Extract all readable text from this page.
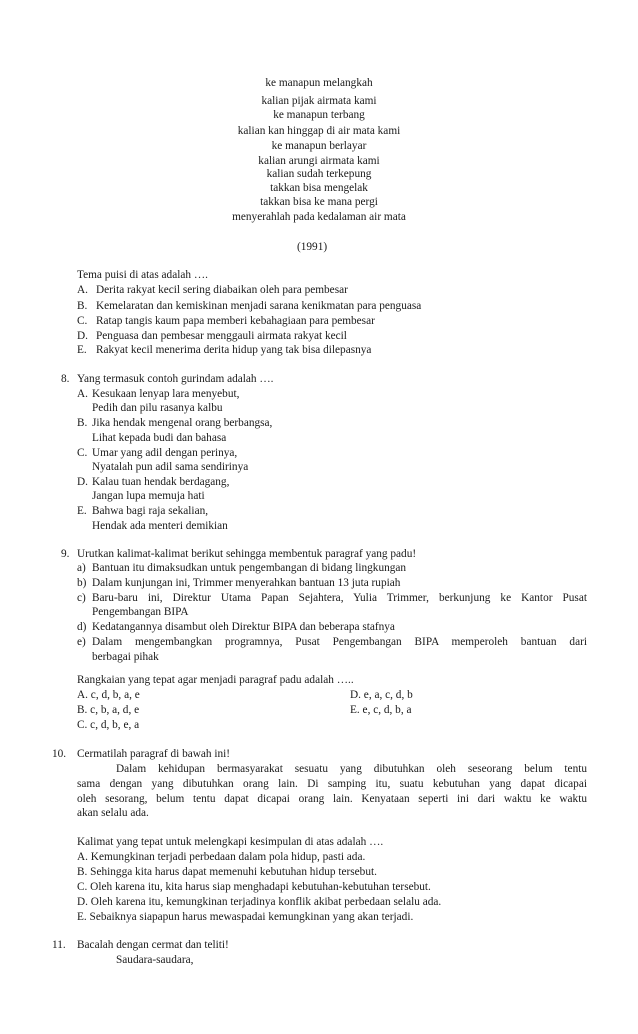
ke manapun melangkah
kalian pijak airmata kami
ke manapun terbang
kalian kan hinggap di air mata kami
ke manapun berlayar
kalian arungi airmata kami
kalian sudah terkepung
takkan bisa mengelak
takkan bisa ke mana pergi
menyerahlah pada kedalaman air mata
(1991)
Tema puisi di atas adalah ….
A. Derita rakyat kecil sering diabaikan oleh para pembesar
B. Kemelaratan dan kemiskinan menjadi sarana kenikmatan para penguasa
C. Ratap tangis kaum papa memberi kebahagiaan para pembesar
D. Penguasa dan pembesar menggauli airmata rakyat kecil
E. Rakyat kecil menerima derita hidup yang tak bisa dilepasnya
8. Yang termasuk contoh gurindam adalah ….
A. Kesukaan lenyap lara menyebut,
Pedih dan pilu rasanya kalbu
B. Jika hendak mengenal orang berbangsa,
Lihat kepada budi dan bahasa
C. Umar yang adil dengan perinya,
Nyatalah pun adil sama sendirinya
D. Kalau tuan hendak berdagang,
Jangan lupa memuja hati
E. Bahwa bagi raja sekalian,
Hendak ada menteri demikian
9. Urutkan kalimat-kalimat berikut sehingga membentuk paragraf yang padu!
a) Bantuan itu dimaksudkan untuk pengembangan di bidang lingkungan
b) Dalam kunjungan ini, Trimmer menyerahkan bantuan 13 juta rupiah
c) Baru-baru ini, Direktur Utama Papan Sejahtera, Yulia Trimmer, berkunjung ke Kantor Pusat
Pengembangan BIPA
d) Kedatangannya disambut oleh Direktur BIPA dan beberapa stafnya
e) Dalam mengembangkan programnya, Pusat Pengembangan BIPA memperoleh bantuan dari
berbagai pihak
Rangkaian yang tepat agar menjadi paragraf padu adalah …..
A. c, d, b, a, e	D. e, a, c, d, b
B. c, b, a, d, e	E. e, c, d, b, a
C. c, d, b, e, a
10. Cermatilah paragraf di bawah ini!
Dalam kehidupan bermasyarakat sesuatu yang dibutuhkan oleh seseorang belum tentu
sama dengan yang dibutuhkan orang lain. Di samping itu, suatu kebutuhan yang dapat dicapai
oleh sesorang, belum tentu dapat dicapai orang lain. Kenyataan seperti ini dari waktu ke waktu
akan selalu ada.
Kalimat yang tepat untuk melengkapi kesimpulan di atas adalah ….
A. Kemungkinan terjadi perbedaan dalam pola hidup, pasti ada.
B. Sehingga kita harus dapat memenuhi kebutuhan hidup tersebut.
C. Oleh karena itu, kita harus siap menghadapi kebutuhan-kebutuhan tersebut.
D. Oleh karena itu, kemungkinan terjadinya konflik akibat perbedaan selalu ada.
E. Sebaiknya siapapun harus mewaspadai kemungkinan yang akan terjadi.
11. Bacalah dengan cermat dan teliti!
Saudara-saudara,
